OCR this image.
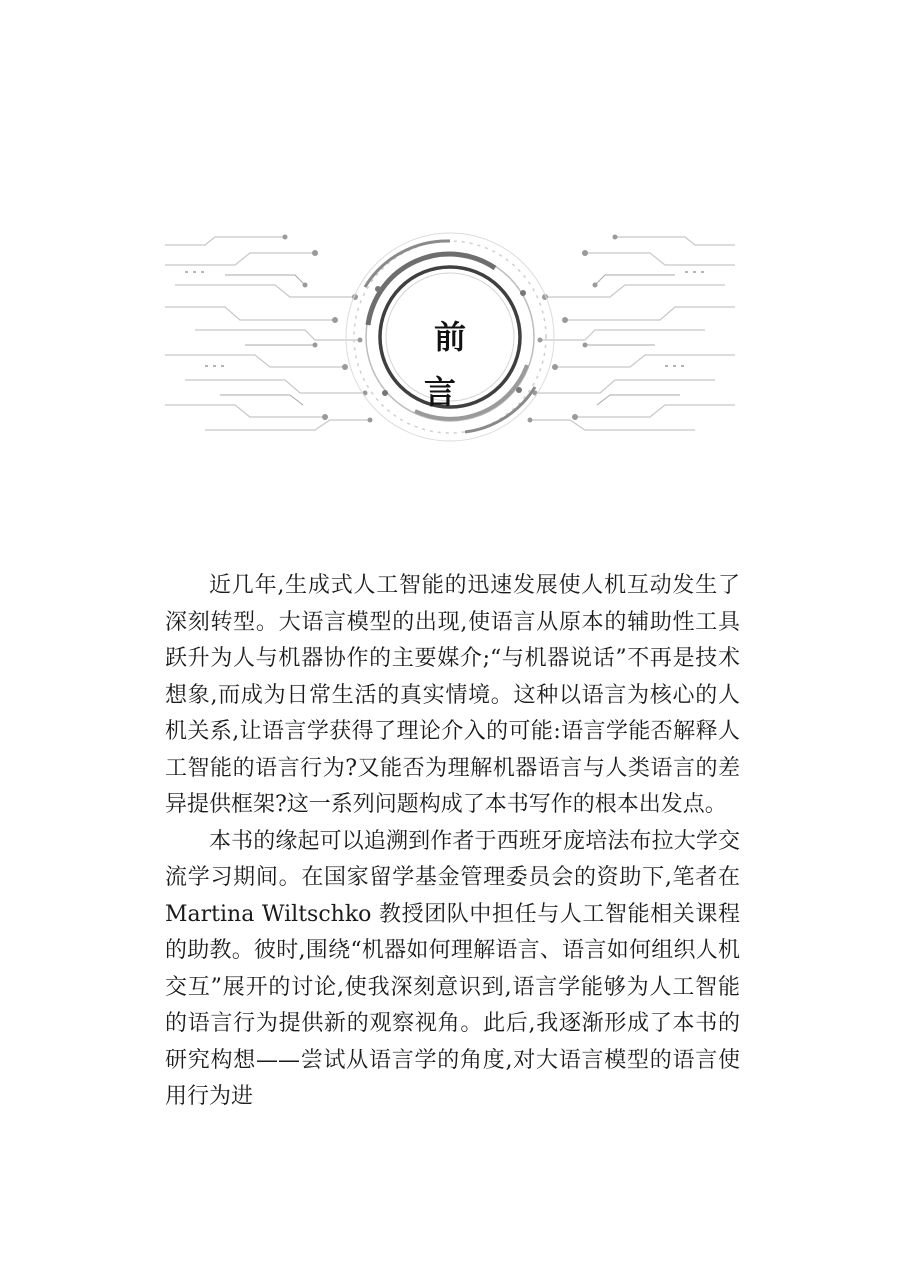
前言

近几年,生成式人工智能的迅速发展使人机互动发生了深刻转型。大语言模型的出现,使语言从原本的辅助性工具跃升为人与机器协作的主要媒介;“与机器说话”不再是技术想象,而成为日常生活的真实情境。这种以语言为核心的人机关系,让语言学获得了理论介入的可能:语言学能否解释人工智能的语言行为?又能否为理解机器语言与人类语言的差异提供框架?这一系列问题构成了本书写作的根本出发点。

本书的缘起可以追溯到作者于西班牙庞培法布拉大学交流学习期间。在国家留学基金管理委员会的资助下,笔者在Martina Wiltschko 教授团队中担任与人工智能相关课程的助教。彼时,围绕“机器如何理解语言、语言如何组织人机交互”展开的讨论,使我深刻意识到,语言学能够为人工智能的语言行为提供新的观察视角。此后,我逐渐形成了本书的研究构想——尝试从语言学的角度,对大语言模型的语言使用行为进
